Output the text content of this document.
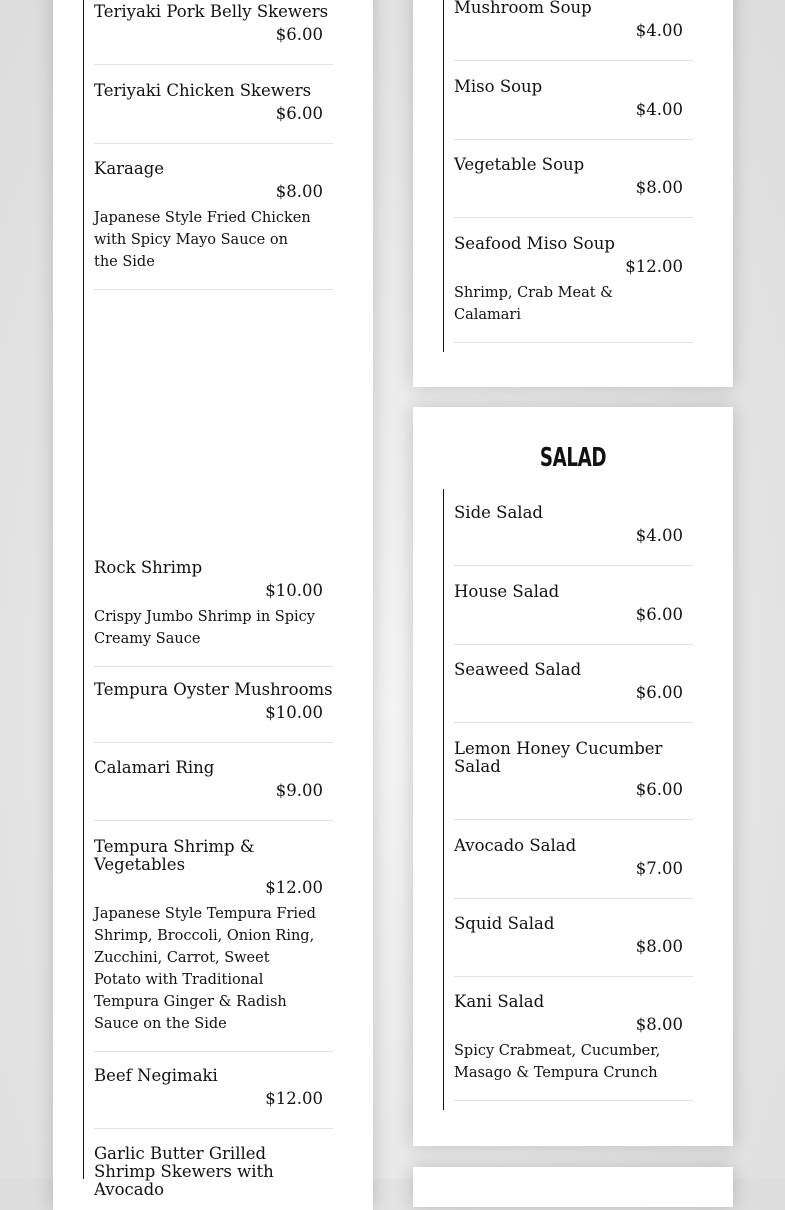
Teriyaki Pork Belly Skewers
$6.00
Teriyaki Chicken Skewers
$6.00
Karaage
$8.00
Japanese Style Fried Chicken with Spicy Mayo Sauce on the Side
Rock Shrimp
$10.00
Crispy Jumbo Shrimp in Spicy Creamy Sauce
Tempura Oyster Mushrooms
$10.00
Calamari Ring
$9.00
Tempura Shrimp & Vegetables
$12.00
Japanese Style Tempura Fried Shrimp, Broccoli, Onion Ring, Zucchini, Carrot, Sweet Potato with Traditional Tempura Ginger & Radish Sauce on the Side
Beef Negimaki
$12.00
Garlic Butter Grilled Shrimp Skewers with Avocado
Mushroom Soup
$4.00
Miso Soup
$4.00
Vegetable Soup
$8.00
Seafood Miso Soup
$12.00
Shrimp, Crab Meat & Calamari
SALAD
Side Salad
$4.00
House Salad
$6.00
Seaweed Salad
$6.00
Lemon Honey Cucumber Salad
$6.00
Avocado Salad
$7.00
Squid Salad
$8.00
Kani Salad
$8.00
Spicy Crabmeat, Cucumber, Masago & Tempura Crunch
